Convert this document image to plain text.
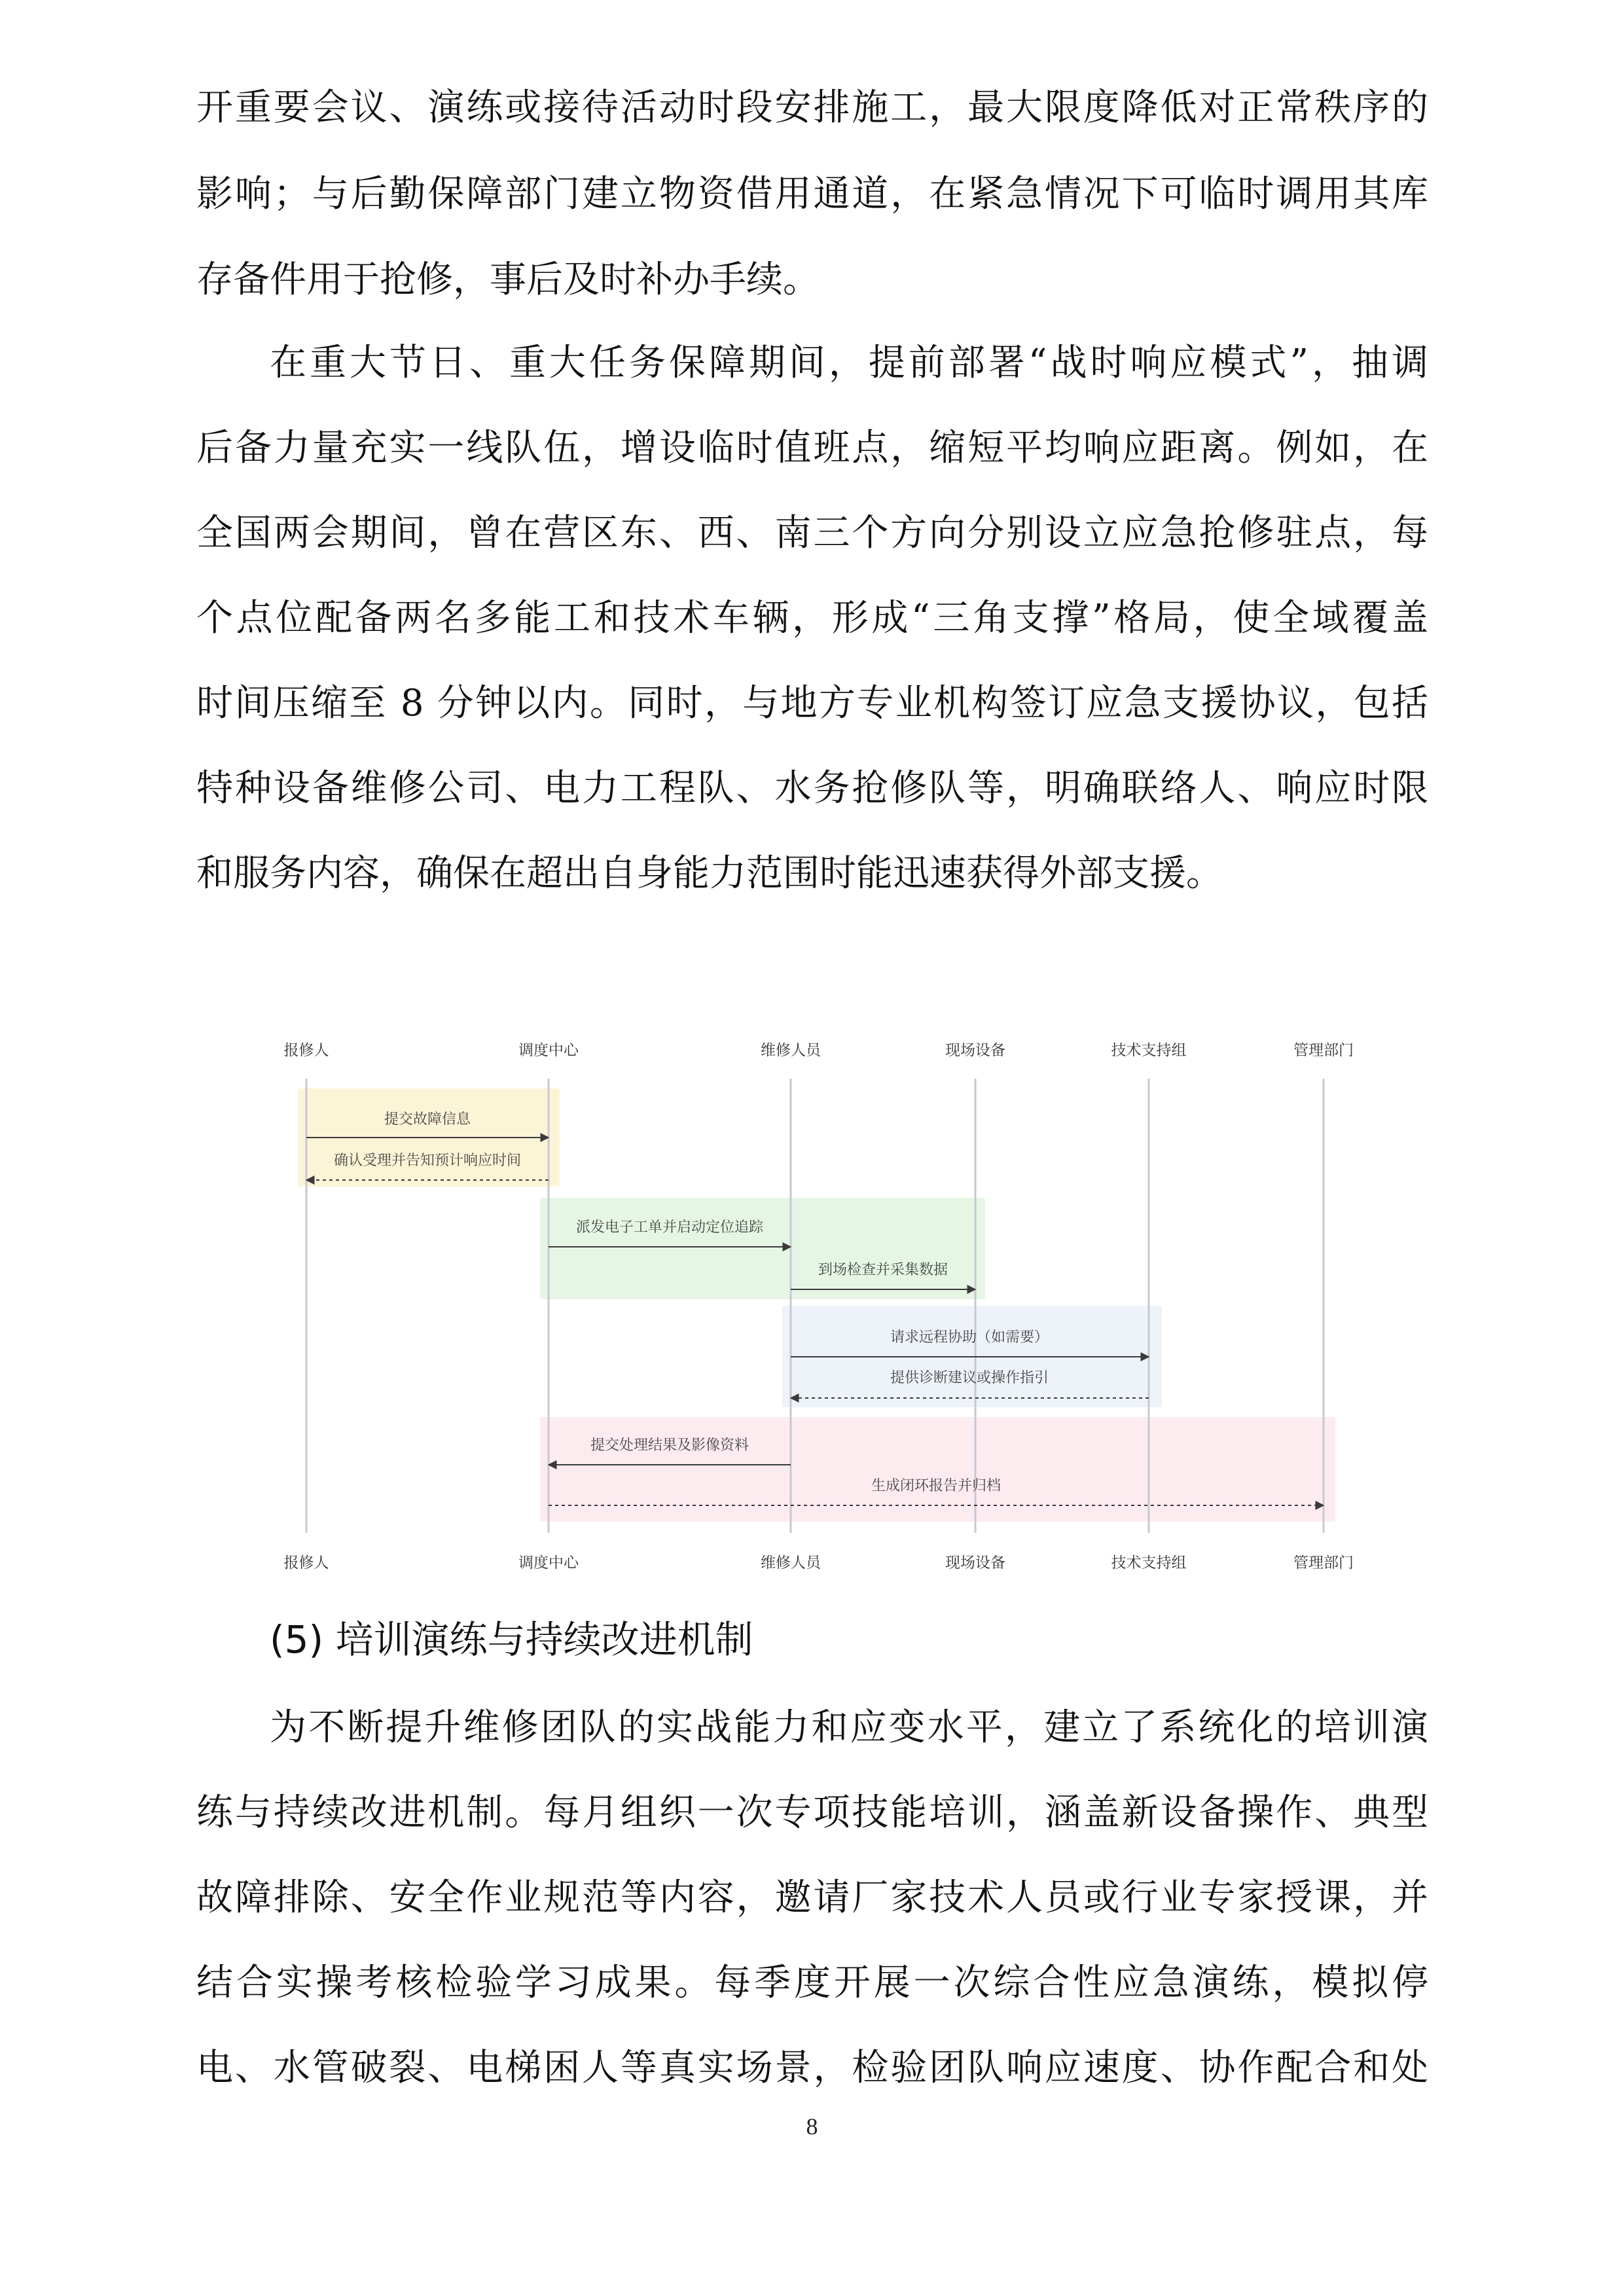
开重要会议、演练或接待活动时段安排施工，最大限度降低对正常秩序的
影响；与后勤保障部门建立物资借用通道，在紧急情况下可临时调用其库
存备件用于抢修，事后及时补办手续。
在重大节日、重大任务保障期间，提前部署“战时响应模式”，抽调
后备力量充实一线队伍，增设临时值班点，缩短平均响应距离。例如，在
全国两会期间，曾在营区东、西、南三个方向分别设立应急抢修驻点，每
个点位配备两名多能工和技术车辆，形成“三角支撑”格局，使全域覆盖
时间压缩至 8 分钟以内。同时，与地方专业机构签订应急支援协议，包括
特种设备维修公司、电力工程队、水务抢修队等，明确联络人、响应时限
和服务内容，确保在超出自身能力范围时能迅速获得外部支援。
报修人	调度中心	维修人员	现场设备	技术支持组	管理部门
报修人	调度中心	维修人员	现场设备	技术支持组	管理部门
提交故障信息
确认受理并告知预计响应时间
派发电子工单并启动定位追踪
到场检查并采集数据
请求远程协助（如需要）
提供诊断建议或操作指引
提交处理结果及影像资料
生成闭环报告并归档
(5) 培训演练与持续改进机制
为不断提升维修团队的实战能力和应变水平，建立了系统化的培训演
练与持续改进机制。每月组织一次专项技能培训，涵盖新设备操作、典型
故障排除、安全作业规范等内容，邀请厂家技术人员或行业专家授课，并
结合实操考核检验学习成果。每季度开展一次综合性应急演练，模拟停
电、水管破裂、电梯困人等真实场景，检验团队响应速度、协作配合和处
8
